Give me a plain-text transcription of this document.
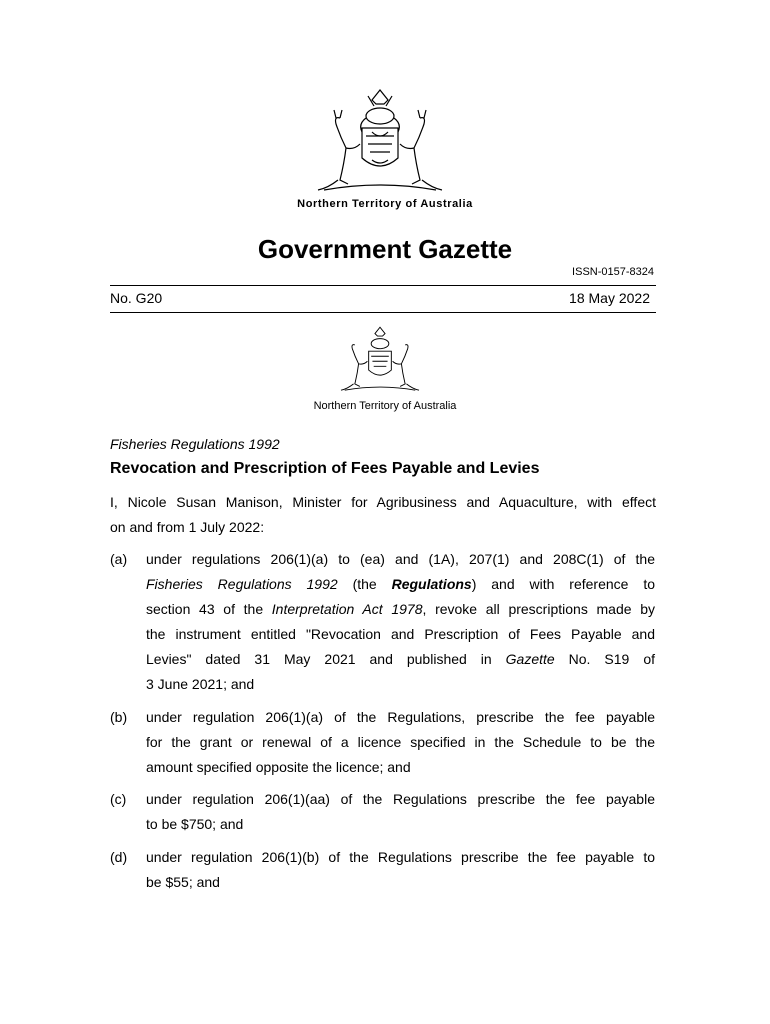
Northern Territory of Australia
Government Gazette
ISSN-0157-8324
No. G20	18 May 2022
Northern Territory of Australia
Fisheries Regulations 1992
Revocation and Prescription of Fees Payable and Levies
I, Nicole Susan Manison, Minister for Agribusiness and Aquaculture, with effect
on and from 1 July 2022:
(a) under regulations 206(1)(a) to (ea) and (1A), 207(1) and 208C(1) of the
Fisheries Regulations 1992 (the Regulations) and with reference to
section 43 of the Interpretation Act 1978, revoke all prescriptions made by
the instrument entitled "Revocation and Prescription of Fees Payable and
Levies" dated 31 May 2021 and published in Gazette No. S19 of
3 June 2021; and
(b) under regulation 206(1)(a) of the Regulations, prescribe the fee payable
for the grant or renewal of a licence specified in the Schedule to be the
amount specified opposite the licence; and
(c) under regulation 206(1)(aa) of the Regulations prescribe the fee payable
to be $750; and
(d) under regulation 206(1)(b) of the Regulations prescribe the fee payable to
be $55; and
